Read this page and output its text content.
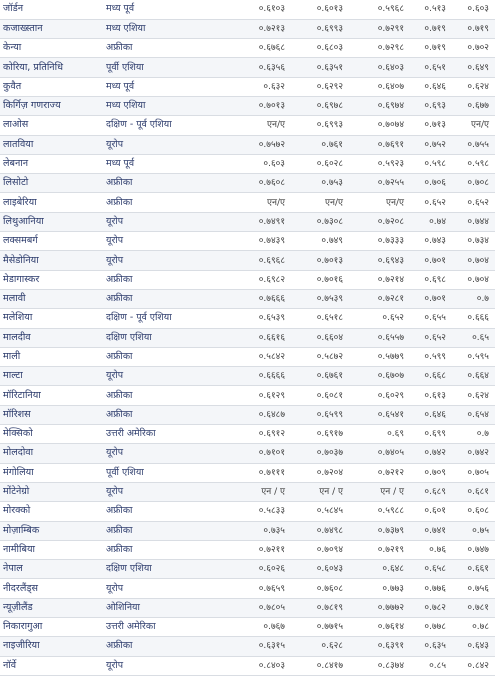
जॉर्डन	मध्य पूर्व	०.६१०३	०.६०१३	०.५९६८	०.५१३	०.६०३
कजाख्स्तान	मध्य एशिया	०.७२१३	०.६९९३	०.७२९१	०.७१९	०.७१९
केन्या	अफ्रीका	०.६७६८	०.६८०३	०.७२९८	०.७१९	०.७०२
कोरिया, प्रतिनिधि	पूर्वी एशिया	०.६३५६	०.६३५१	०.६४०३	०.६५१	०.६४९
कुवैत	मध्य पूर्व	०.६३२	०.६२९२	०.६४०७	०.६४६	०.६२४
किर्गिज़ गणराज्य	मध्य एशिया	०.७०१३	०.६९७८	०.६९७४	०.६९३	०.६७७
लाओस	दक्षिण - पूर्व एशिया	एन/ए	०.६९९३	०.७०७४	०.७१३	एन/ए
लातविया	यूरोप	०.७५७२	०.७६१	०.७६९१	०.७५२	०.७५५
लेबनान	मध्य पूर्व	०.६०३	०.६०२८	०.५९२३	०.५९८	०.५९८
लिसोटो	अफ्रीका	०.७६०८	०.७५३	०.७२५५	०.७०६	०.७०८
लाइबेरिया	अफ्रीका	एन/ए	एन/ए	एन/ए	०.६५२	०.६५२
लिथुआनिया	यूरोप	०.७४९१	०.७३०८	०.७२०८	०.७४	०.७४४
लक्समबर्ग	यूरोप	०.७४३९	०.७४९	०.७३३३	०.७४३	०.७३४
मैसेडोनिया	यूरोप	०.६९६८	०.७०१३	०.६९४३	०.७०१	०.७०४
मेडागास्कर	अफ्रीका	०.६९८२	०.७०१६	०.७२१४	०.६९८	०.७०४
मलावी	अफ्रीका	०.७६६६	०.७५३९	०.७२८१	०.७०१	०.७
मलेशिया	दक्षिण - पूर्व एशिया	०.६५३९	०.६५१८	०.६५२	०.६५५	०.६६६
मालदीव	दक्षिण एशिया	०.६६१६	०.६६०४	०.६५५७	०.६५२	०.६५
माली	अफ्रीका	०.५८४२	०.५८७२	०.५७७९	०.५९९	०.५९५
माल्टा	यूरोप	०.६६६६	०.६७६१	०.६७०७	०.६६८	०.६६४
मॉरिटानिया	अफ्रीका	०.६१२९	०.६०८१	०.६०२९	०.६१३	०.६२४
मॉरिशस	अफ्रीका	०.६४८७	०.६५९९	०.६५४१	०.६४६	०.६५४
मेक्सिको	उत्तरी अमेरिका	०.६९१२	०.६९१७	०.६९	०.६९९	०.७
मोलदोवा	यूरोप	०.७१०१	०.७०३७	०.७४०५	०.७४२	०.७४२
मंगोलिया	पूर्वी एशिया	०.७१११	०.७२०४	०.७२१२	०.७०९	०.७०५
मोंटेनेग्रो	यूरोप	एन / ए	एन / ए	एन / ए	०.६८९	०.६८१
मोरक्को	अफ्रीका	०.५८३३	०.५८४५	०.५९८८	०.६०१	०.६०८
मोज़ाम्बिक	अफ्रीका	०.७३५	०.७४९८	०.७३७९	०.७४१	०.७५
नामीबिया	अफ्रीका	०.७२११	०.७०९४	०.७२१९	०.७६	०.७४७
नेपाल	दक्षिण एशिया	०.६०२६	०.६०४३	०.६४८	०.६५८	०.६६१
नीदरलैंड्स	यूरोप	०.७६५९	०.७६०८	०.७७३	०.७७६	०.७५६
न्यूज़ीलैंड	ओशिनिया	०.७८०५	०.७८१९	०.७७७२	०.७८२	०.७८१
निकारागुआ	उत्तरी अमेरिका	०.७६७	०.७७१५	०.७६१४	०.७७८	०.७८
नाइजीरिया	अफ्रीका	०.६३१५	०.६२८	०.६३९१	०.६३५	०.६४३
नॉर्वे	यूरोप	०.८४०३	०.८४१७	०.८३७४	०.८५	०.८४२
